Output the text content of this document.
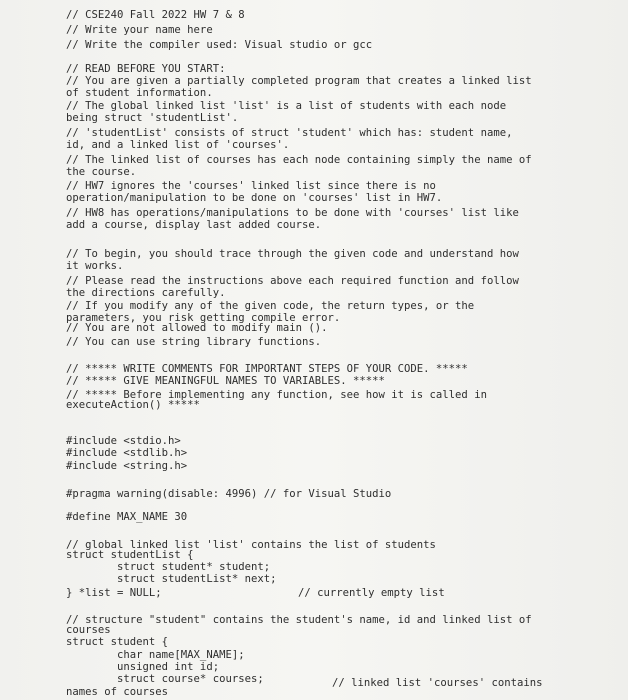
// CSE240 Fall 2022 HW 7 & 8
// Write your name here
// Write the compiler used: Visual studio or gcc
// READ BEFORE YOU START:
// You are given a partially completed program that creates a linked list
of student information.
// The global linked list 'list' is a list of students with each node
being struct 'studentList'.
// 'studentList' consists of struct 'student' which has: student name,
id, and a linked list of 'courses'.
// The linked list of courses has each node containing simply the name of
the course.
// HW7 ignores the 'courses' linked list since there is no
operation/manipulation to be done on 'courses' list in HW7.
// HW8 has operations/manipulations to be done with 'courses' list like
add a course, display last added course.
// To begin, you should trace through the given code and understand how
it works.
// Please read the instructions above each required function and follow
the directions carefully.
// If you modify any of the given code, the return types, or the
parameters, you risk getting compile error.
// You are not allowed to modify main ().
// You can use string library functions.
// ***** WRITE COMMENTS FOR IMPORTANT STEPS OF YOUR CODE. *****
// ***** GIVE MEANINGFUL NAMES TO VARIABLES. *****
// ***** Before implementing any function, see how it is called in
executeAction() *****
#include <stdio.h>
#include <stdlib.h>
#include <string.h>
#pragma warning(disable: 4996) // for Visual Studio
#define MAX_NAME 30
// global linked list 'list' contains the list of students
struct studentList {
struct student* student;
struct studentList* next;
} *list = NULL;	// currently empty list
// structure "student" contains the student's name, id and linked list of
courses
struct student {
char name[MAX_NAME];
unsigned int id;
struct course* courses;	// linked list 'courses' contains
names of courses
